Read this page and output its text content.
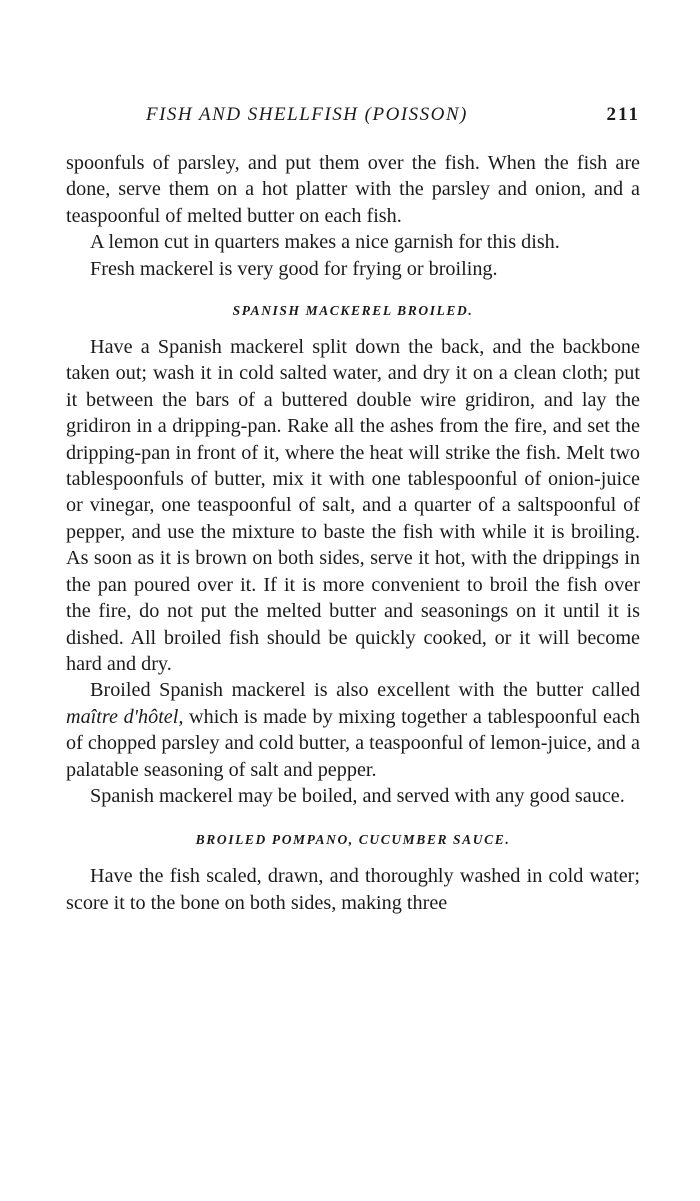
FISH AND SHELLFISH (POISSON)	211

spoonfuls of parsley, and put them over the fish. When the fish are done, serve them on a hot platter with the parsley and onion, and a teaspoonful of melted butter on each fish.

A lemon cut in quarters makes a nice garnish for this dish.

Fresh mackerel is very good for frying or broiling.

SPANISH MACKEREL BROILED.

Have a Spanish mackerel split down the back, and the backbone taken out; wash it in cold salted water, and dry it on a clean cloth; put it between the bars of a buttered double wire gridiron, and lay the gridiron in a dripping-pan. Rake all the ashes from the fire, and set the dripping-pan in front of it, where the heat will strike the fish. Melt two tablespoonfuls of butter, mix it with one tablespoonful of onion-juice or vinegar, one teaspoonful of salt, and a quarter of a saltspoonful of pepper, and use the mixture to baste the fish with while it is broiling. As soon as it is brown on both sides, serve it hot, with the drippings in the pan poured over it. If it is more convenient to broil the fish over the fire, do not put the melted butter and seasonings on it until it is dished. All broiled fish should be quickly cooked, or it will become hard and dry.

Broiled Spanish mackerel is also excellent with the butter called maître d'hôtel, which is made by mixing together a tablespoonful each of chopped parsley and cold butter, a teaspoonful of lemon-juice, and a palatable seasoning of salt and pepper.

Spanish mackerel may be boiled, and served with any good sauce.

BROILED POMPANO, CUCUMBER SAUCE.

Have the fish scaled, drawn, and thoroughly washed in cold water; score it to the bone on both sides, making three
